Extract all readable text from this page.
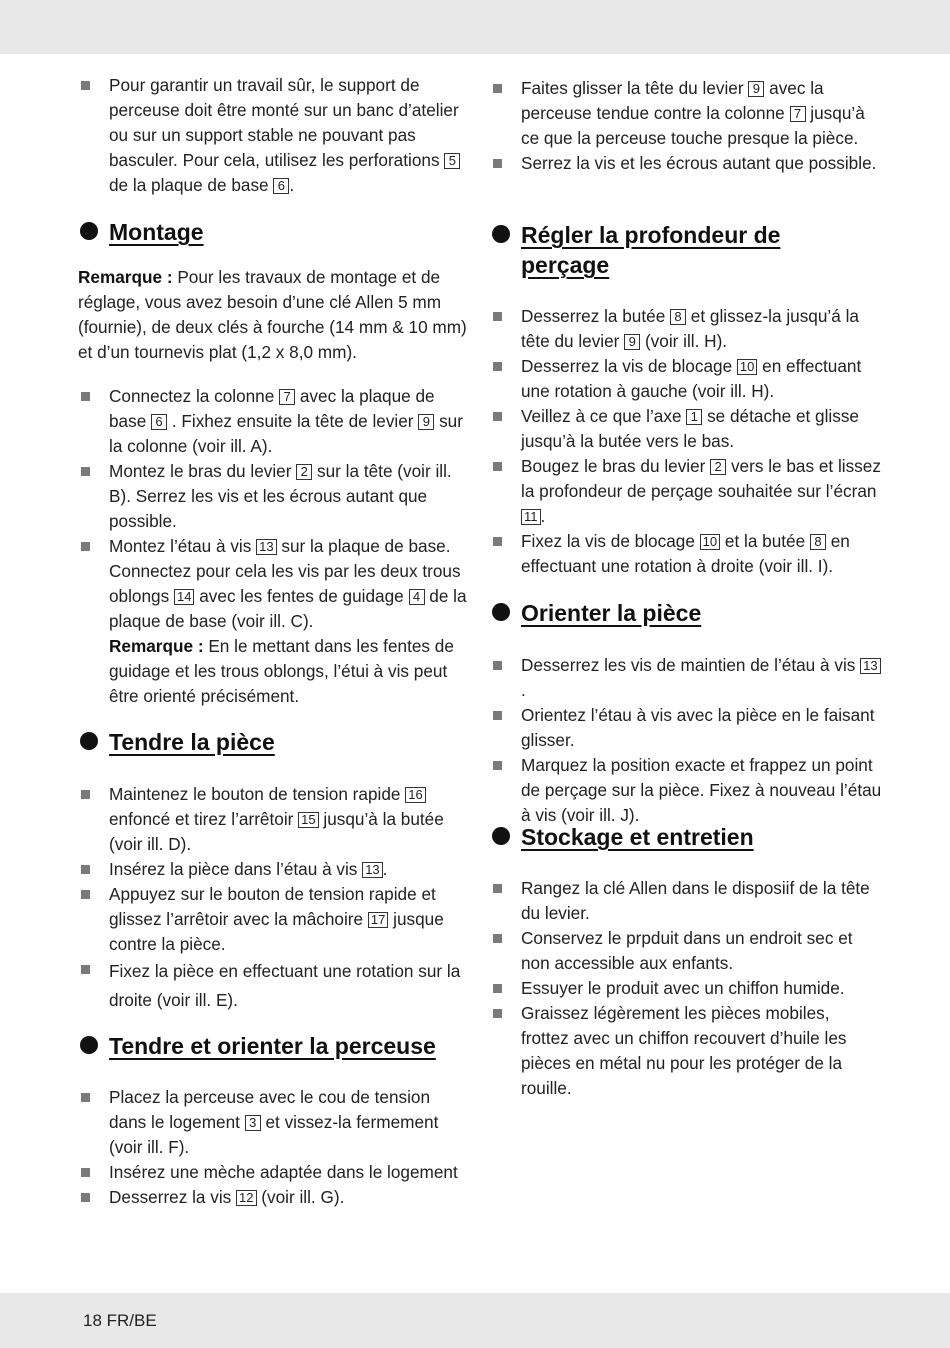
Pour garantir un travail sûr, le support de perceuse doit être monté sur un banc d’atelier ou sur un support stable ne pouvant pas basculer. Pour cela, utilisez les perforations 5 de la plaque de base 6 .
Montage

Remarque : Pour les travaux de montage et de réglage, vous avez besoin d’une clé Allen 5 mm (fournie), de deux clés à fourche (14 mm & 10 mm) et d’un tournevis plat (1,2 x 8,0 mm).

Connectez la colonne 7 avec la plaque de base 6 . Fixhez ensuite la tête de levier 9 sur la colonne (voir ill. A).
Montez le bras du levier 2 sur la tête (voir ill. B). Serrez les vis et les écrous autant que possible.
Montez l’étau à vis 13 sur la plaque de base. Connectez pour cela les vis par les deux trous oblongs 14 avec les fentes de guidage 4 de la plaque de base (voir ill. C).
Remarque : En le mettant dans les fentes de guidage et les trous oblongs, l’étui à vis peut être orienté précisément.
Tendre la pièce
Maintenez le bouton de tension rapide 16 enfoncé et tirez l’arrêtoir 15 jusqu’à la butée (voir ill. D).
Insérez la pièce dans l’étau à vis 13 .
Appuyez sur le bouton de tension rapide et glissez l’arrêtoir avec la mâchoire 17 jusque contre la pièce.
Fixez la pièce en effectuant une rotation sur la droite (voir ill. E).
Tendre et orienter la perceuse
Placez la perceuse avec le cou de tension dans le logement 3 et vissez-la fermement (voir ill. F).
Insérez une mèche adaptée dans le logement
Desserrez la vis 12 (voir ill. G).
Faites glisser la tête du levier 9 avec la perceuse tendue contre la colonne 7 jusqu’à ce que la perceuse touche presque la pièce.
Serrez la vis et les écrous autant que possible.
Régler la profondeur de perçage
Desserrez la butée 8 et glissez-la jusqu’á la tête du levier 9 (voir ill. H).
Desserrez la vis de blocage 10 en effectuant une rotation à gauche (voir ill. H).
Veillez à ce que l’axe 1 se détache et glisse jusqu’à la butée vers le bas.
Bougez le bras du levier 2 vers le bas et lissez la profondeur de perçage souhaitée sur l’écran 11 .
Fixez la vis de blocage 10 et la butée 8 en effectuant une rotation à droite (voir ill. I).
Orienter la pièce
Desserrez les vis de maintien de l’étau à vis 13.
Orientez l’étau à vis avec la pièce en le faisant glisser.
Marquez la position exacte et frappez un point de perçage sur la pièce. Fixez à nouveau l’étau à vis (voir ill. J).
Stockage et entretien
Rangez la clé Allen dans le disposiif de la tête du levier.
Conservez le prpduit dans un endroit sec et non accessible aux enfants.
Essuyer le produit avec un chiffon humide.
Graissez légèrement les pièces mobiles, frottez avec un chiffon recouvert d’huile les pièces en métal nu pour les protéger de la rouille.
18 FR/BE
